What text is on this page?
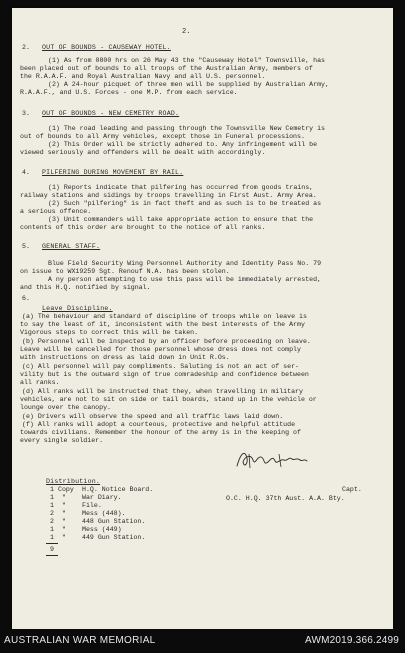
2.
2. OUT OF BOUNDS - CAUSEWAY HOTEL.
(1) As from 0800 hrs on 26 May 43 the "Causeway Hotel" Townsville, has
been placed out of bounds to all troops of the Australian Army, members of
the R.A.A.F. and Royal Australian Navy and all U.S. personnel.
(2) A 24-hour picquet of three men will be supplied by Australian Army,
R.A.A.F., and U.S. Forces - one M.P. from each service.
3. OUT OF BOUNDS - NEW CEMETRY ROAD.
(1) The road leading and passing through the Townsville New Cemetry is
out of bounds to all Army vehicles, except those in Funeral processions.
(2) This Order will be strictly adhered to. Any infringement will be
viewed seriously and offenders will be dealt with accordingly.
4. PILFERING DURING MOVEMENT BY RAIL.
(1) Reports indicate that pilfering has occurred from goods trains,
railway stations and sidings by troops travelling in First Aust. Army Area.
(2) Such "pilfering" is in fact theft and as such is to be treated as
a serious offence.
(3) Unit commanders will take appropriate action to ensure that the
contents of this order are brought to the notice of all ranks.
5. GENERAL STAFF.
Blue Field Security Wing Personnel Authority and Identity Pass No. 79
on issue to WX19259 Sgt. Renouf N.A. has been stolen.
A ny person attempting to use this pass will be immediately arrested,
and this H.Q. notified by signal.
6.
Leave Discipline.
(a) The behaviour and standard of discipline of troops while on leave is
to say the least of it, inconsistent with the best interests of the Army
Vigorous steps to correct this will be taken.
(b) Personnel will be inspected by an officer before proceeding on leave.
Leave will be cancelled for those personnel whose dress does not comply
with instructions on dress as laid down in Unit R.Os.
(c) All personnel will pay compliments. Saluting is not an act of ser-
vility but is the outward sign of true comradeship and confidence between
all ranks.
(d) All ranks will be instructed that they, when travelling in military
vehicles, are not to sit on side or tail boards, stand up in the vehicle or
lounge over the canopy.
(e) Drivers will observe the speed and all traffic laws laid down.
(f) All ranks will adopt a courteous, protective and helpful attitude
towards civilians. Remember the honour of the army is in the keeping of
every single soldier.
Capt.
O.C. H.Q. 37th Aust. A.A. Bty.
Distribution.
1 Copy H.Q. Notice Board.
1 " War Diary.
1 " File.
2 " Mess (448).
2 " 448 Gun Station.
1 " Mess (449)
1 " 449 Gun Station.
9
AUSTRALIAN WAR MEMORIAL	AWM2019.366.2499
